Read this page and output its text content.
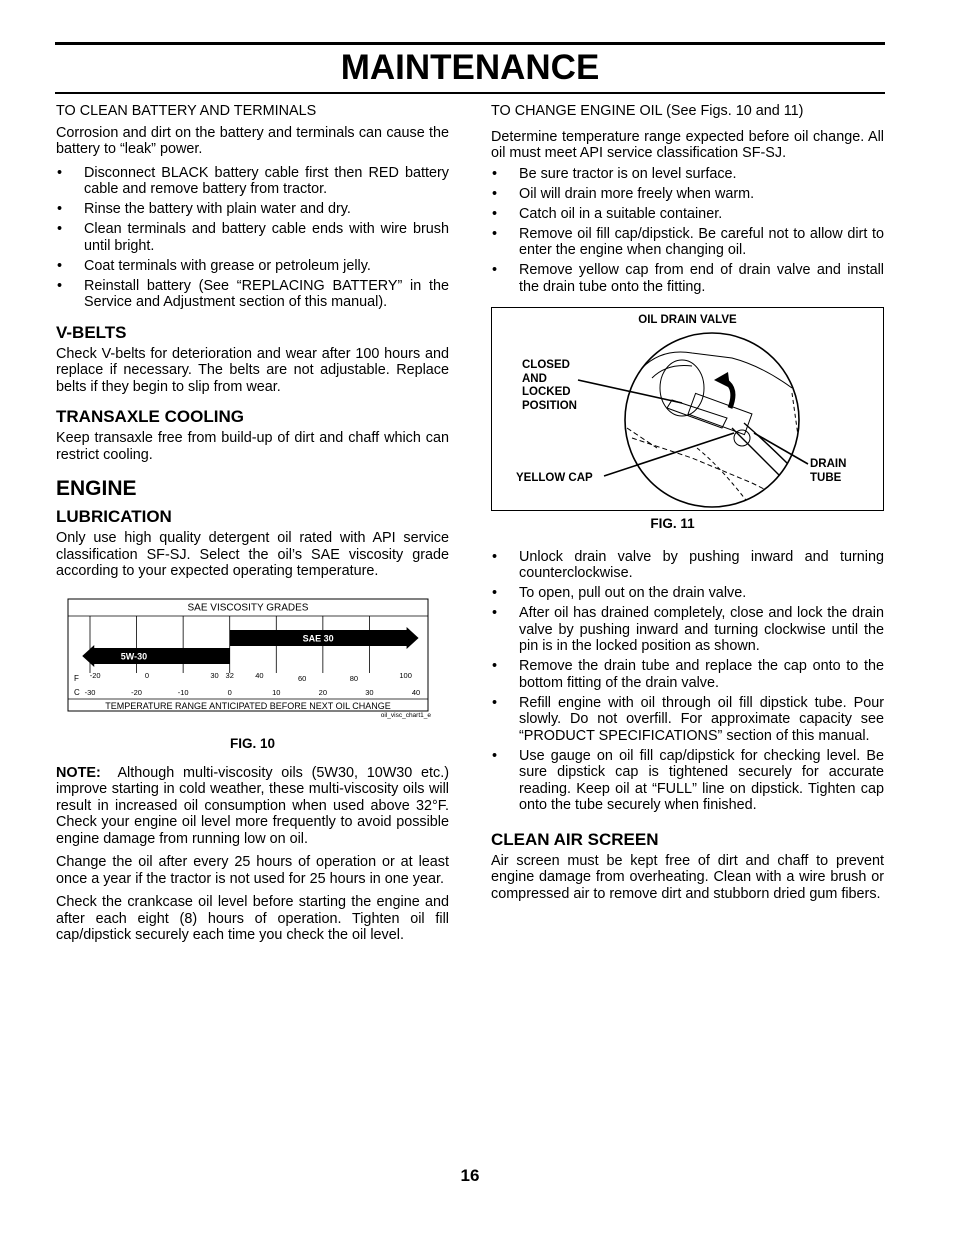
MAINTENANCE

TO CLEAN BATTERY AND TERMINALS

Corrosion and dirt on the battery and terminals can cause the battery to “leak” power.

• Disconnect BLACK battery cable first then RED battery cable and remove battery from tractor.
• Rinse the battery with plain water and dry.
• Clean terminals and battery cable ends with wire brush until bright.
• Coat terminals with grease or petroleum jelly.
• Reinstall battery (See “REPLACING BATTERY” in the Service and Adjustment section of this manual).
V-BELTS

Check V-belts for deterioration and wear after 100 hours and replace if necessary. The belts are not adjustable. Replace belts if they begin to slip from wear.

TRANSAXLE COOLING

Keep transaxle free from build-up of dirt and chaff which can restrict cooling.

ENGINE
LUBRICATION

Only use high quality detergent oil rated with API service classification SF-SJ. Select the oil’s SAE viscosity grade according to your expected operating temperature.

SAE VISCOSITY GRADES
TEMPERATURE RANGE ANTICIPATED BEFORE NEXT OIL CHANGE
F
C
SAE 30
5W-30
-20	0	30 32	40	60	80	100
-30	-20	-10	0	10	20	30	40
oil_visc_chart1_e

FIG. 10

NOTE: Although multi-viscosity oils (5W30, 10W30 etc.) improve starting in cold weather, these multi-viscosity oils will result in increased oil consumption when used above 32°F. Check your engine oil level more frequently to avoid possible engine damage from running low on oil.

Change the oil after every 25 hours of operation or at least once a year if the tractor is not used for 25 hours in one year.

Check the crankcase oil level before starting the engine and after each eight (8) hours of operation. Tighten oil fill cap/dipstick securely each time you check the oil level.

TO CHANGE ENGINE OIL (See Figs. 10 and 11)

Determine temperature range expected before oil change. All oil must meet API service classification SF-SJ.

• Be sure tractor is on level surface.
• Oil will drain more freely when warm.
• Catch oil in a suitable container.
• Remove oil fill cap/dipstick. Be careful not to allow dirt to enter the engine when changing oil.
• Remove yellow cap from end of drain valve and install the drain tube onto the fitting.
OIL DRAIN VALVE
CLOSED AND LOCKED POSITION
YELLOW CAP
DRAIN TUBE

FIG. 11

• Unlock drain valve by pushing inward and turning counterclockwise.
• To open, pull out on the drain valve.
• After oil has drained completely, close and lock the drain valve by pushing inward and turning clockwise until the pin is in the locked position as shown.
• Remove the drain tube and replace the cap onto to the bottom fitting of the drain valve.
• Refill engine with oil through oil fill dipstick tube. Pour slowly. Do not overfill. For approximate capacity see “PRODUCT SPECIFICATIONS” section of this manual.
• Use gauge on oil fill cap/dipstick for checking level. Be sure dipstick cap is tightened securely for accurate reading. Keep oil at “FULL” line on dipstick. Tighten cap onto the tube securely when finished.
CLEAN AIR SCREEN

Air screen must be kept free of dirt and chaff to prevent engine damage from overheating. Clean with a wire brush or compressed air to remove dirt and stubborn dried gum fibers.

16
